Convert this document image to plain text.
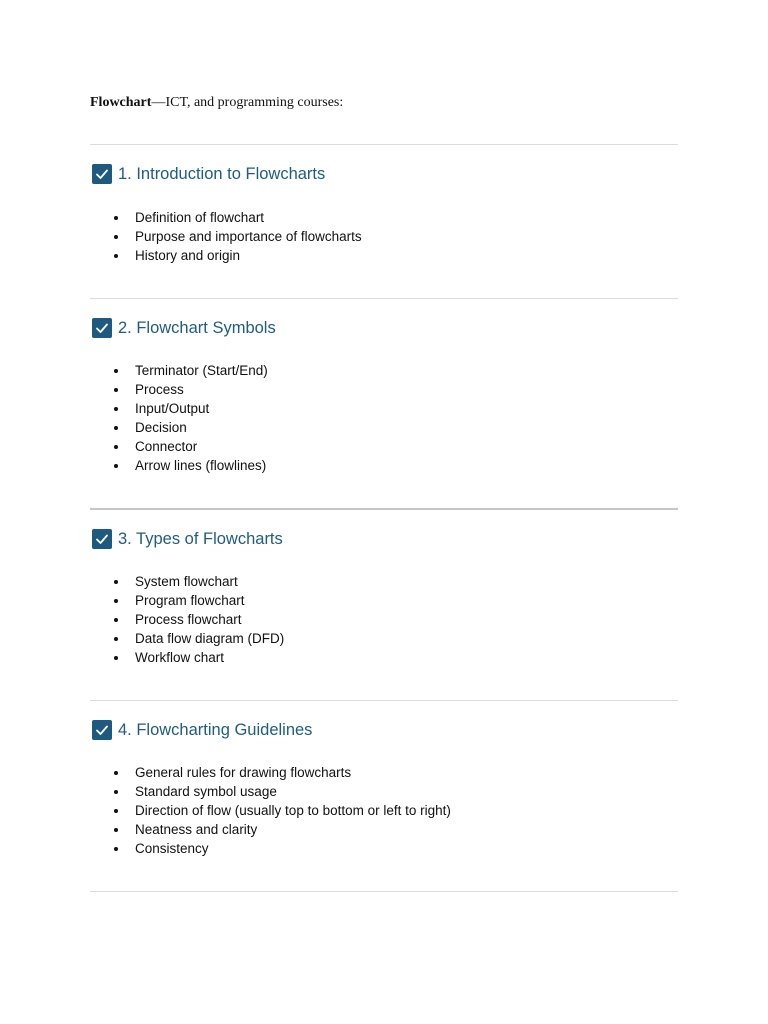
Flowchart—ICT, and programming courses:
1. Introduction to Flowcharts
Definition of flowchart
Purpose and importance of flowcharts
History and origin
2. Flowchart Symbols
Terminator (Start/End)
Process
Input/Output
Decision
Connector
Arrow lines (flowlines)
3. Types of Flowcharts
System flowchart
Program flowchart
Process flowchart
Data flow diagram (DFD)
Workflow chart
4. Flowcharting Guidelines
General rules for drawing flowcharts
Standard symbol usage
Direction of flow (usually top to bottom or left to right)
Neatness and clarity
Consistency
